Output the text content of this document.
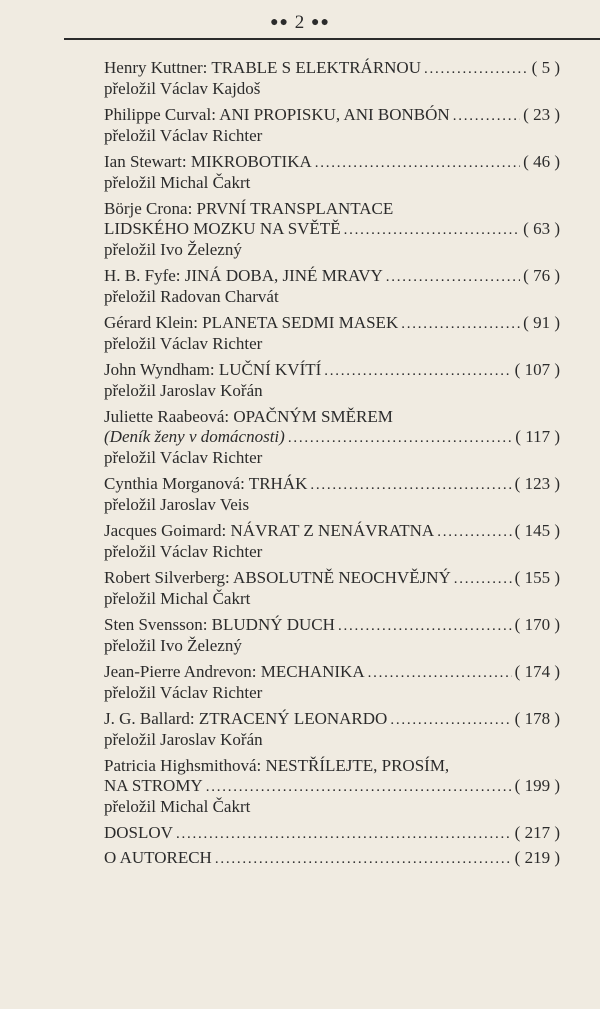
●● 2 ●●
Henry Kuttner: TRABLE S ELEKTRÁRNOU . . .	( 5 )
přeložil Václav Kajdoš
Philippe Curval: ANI PROPISKU, ANI BONBÓN . . .	( 23 )
přeložil Václav Richter
Ian Stewart: MIKROBOTIKA . . .	( 46 )
přeložil Michal Čakrt
Börje Crona: PRVNÍ TRANSPLANTACE
LIDSKÉHO MOZKU NA SVĚTĚ . . .	( 63 )
přeložil Ivo Železný
H. B. Fyfe: JINÁ DOBA, JINÉ MRAVY . . .	( 76 )
přeložil Radovan Charvát
Gérard Klein: PLANETA SEDMI MASEK . . .	( 91 )
přeložil Václav Richter
John Wyndham: LUČNÍ KVÍTÍ . . .	( 107 )
přeložil Jaroslav Kořán
Juliette Raabeová: OPAČNÝM SMĚREM
(Deník ženy v domácnosti) . . .	( 117 )
přeložil Václav Richter
Cynthia Morganová: TRHÁK . . .	( 123 )
přeložil Jaroslav Veis
Jacques Goimard: NÁVRAT Z NENÁVRATNA . . .	( 145 )
přeložil Václav Richter
Robert Silverberg: ABSOLUTNĚ NEOCHVĚJNÝ . . .	( 155 )
přeložil Michal Čakrt
Sten Svensson: BLUDNÝ DUCH . . .	( 170 )
přeložil Ivo Železný
Jean-Pierre Andrevon: MECHANIKA . . .	( 174 )
přeložil Václav Richter
J. G. Ballard: ZTRACENÝ LEONARDO . . .	( 178 )
přeložil Jaroslav Kořán
Patricia Highsmithová: NESTŘÍLEJTE, PROSÍM,
NA STROMY . . .	( 199 )
přeložil Michal Čakrt
DOSLOV . . .	( 217 )
O AUTORECH . . .	( 219 )
